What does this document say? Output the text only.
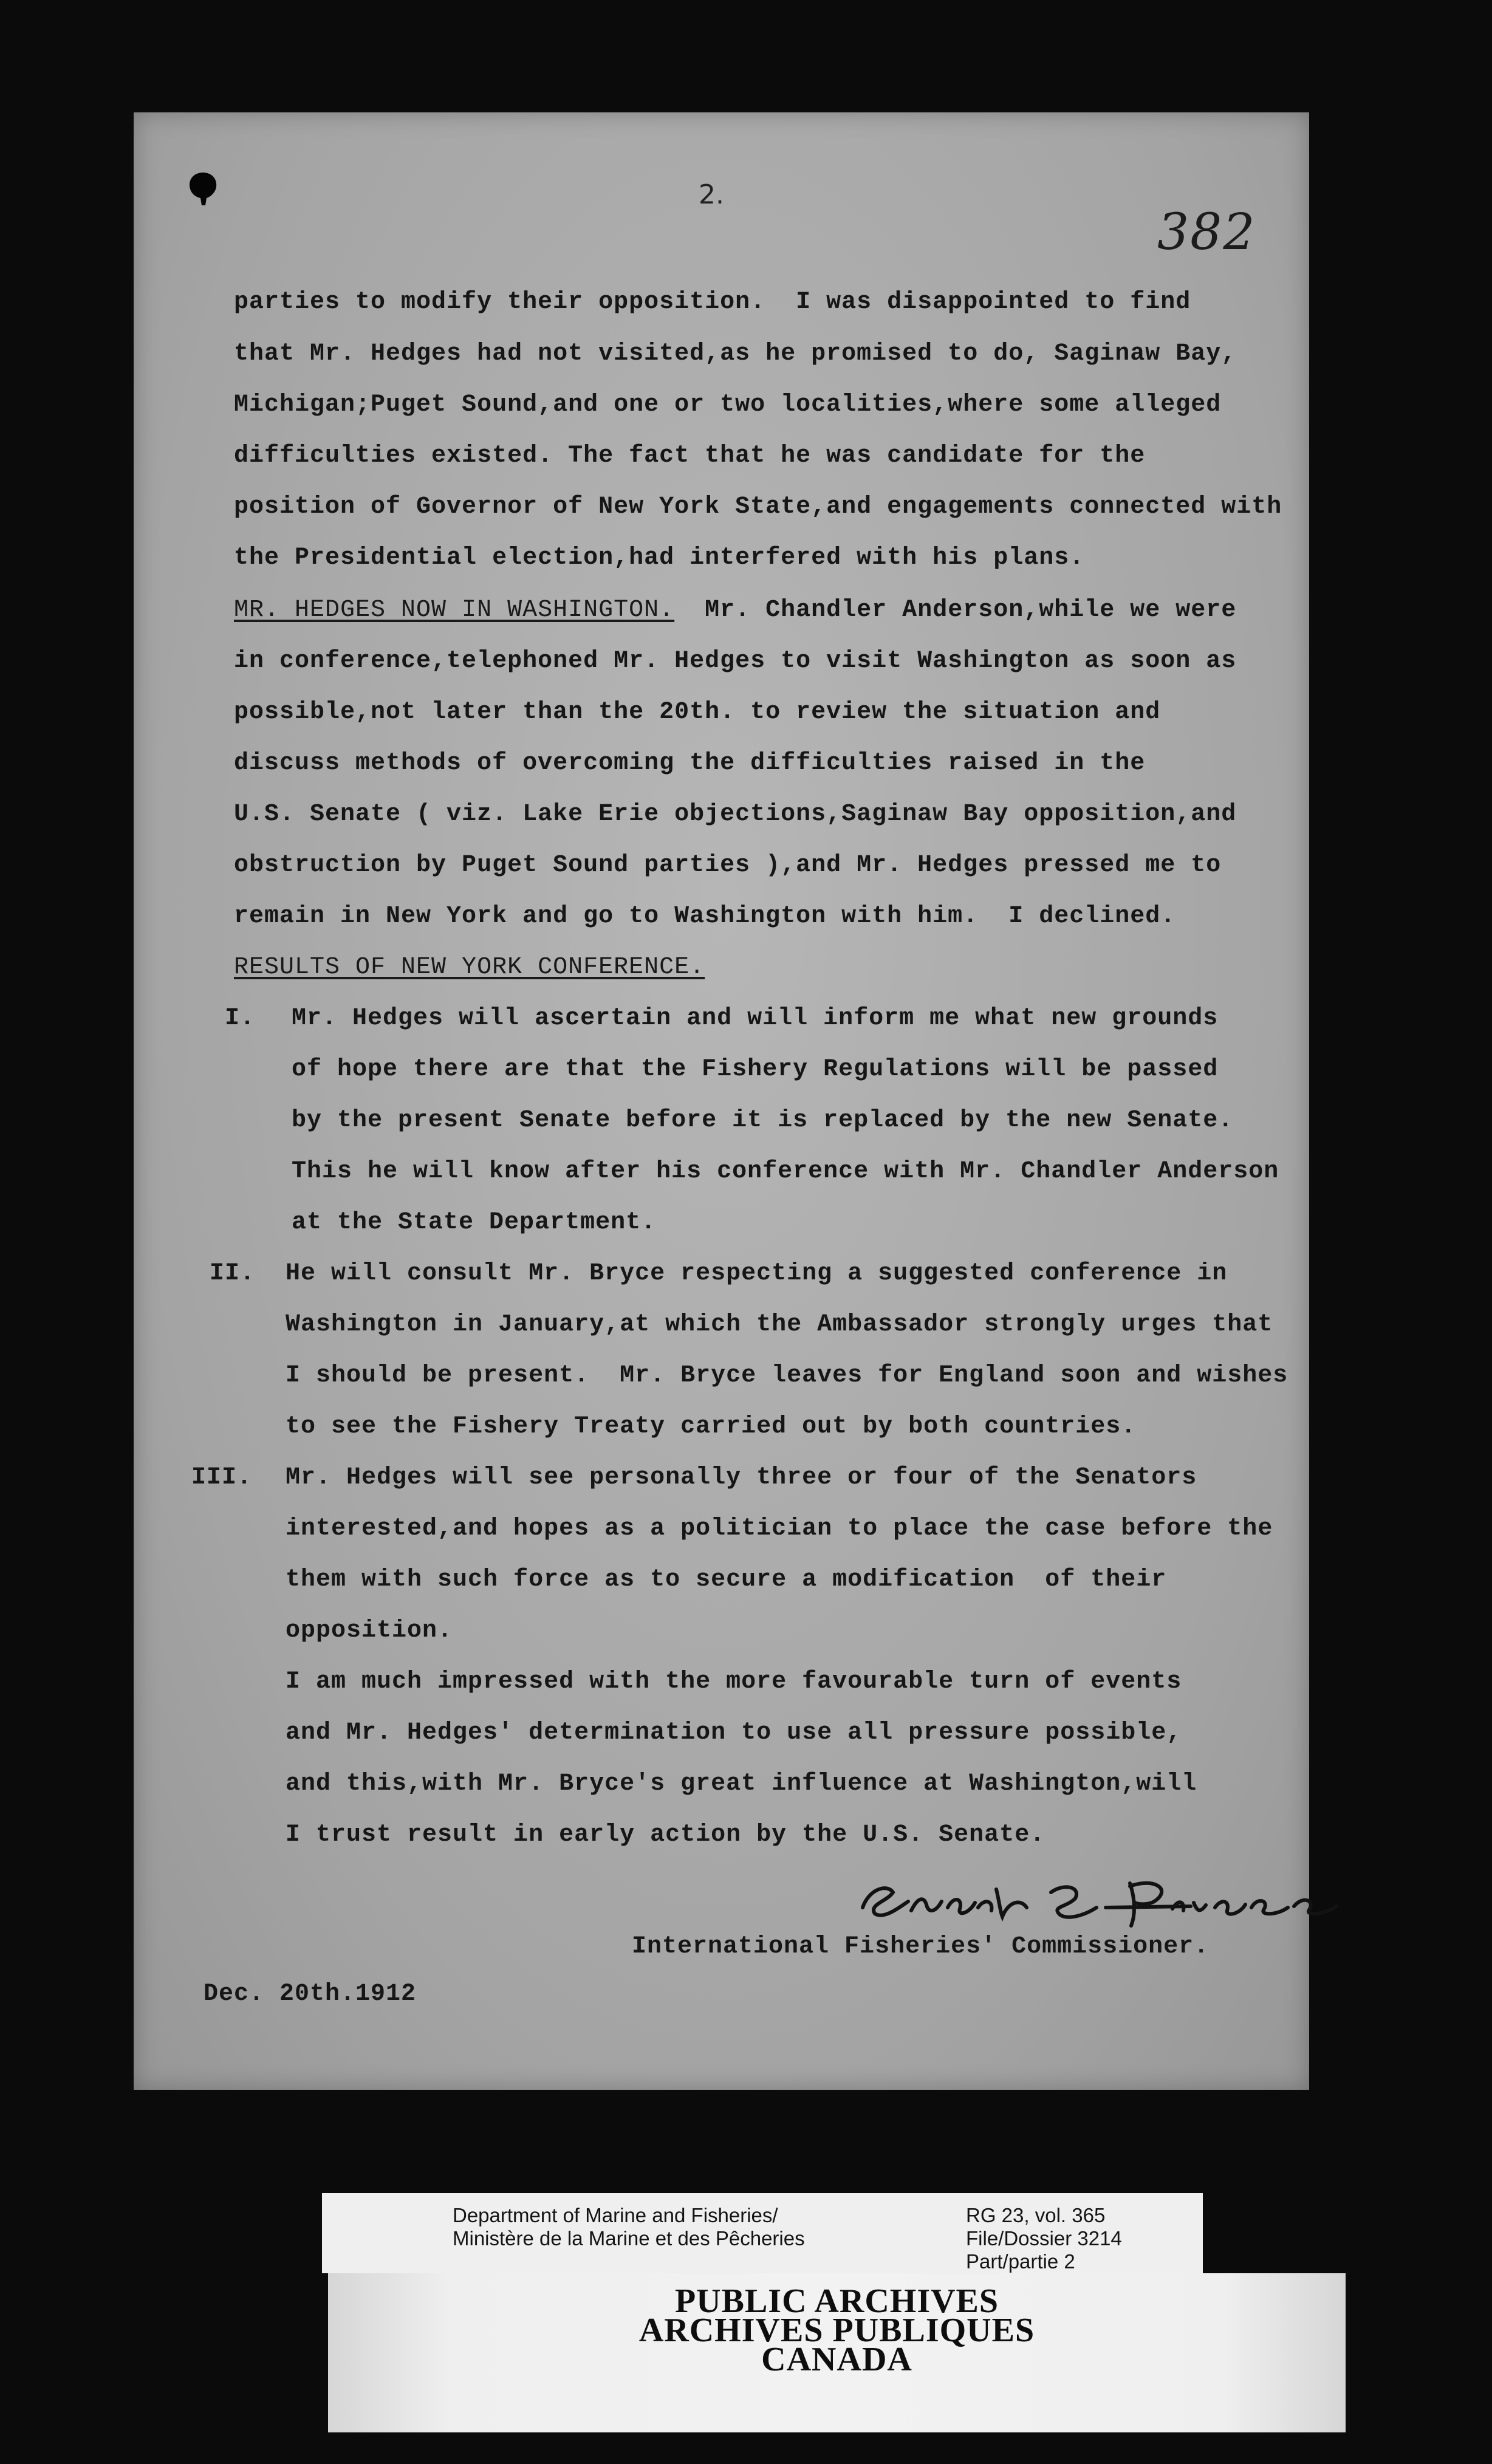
2.
382
parties to modify their opposition.  I was disappointed to find
that Mr. Hedges had not visited,as he promised to do, Saginaw Bay,
Michigan;Puget Sound,and one or two localities,where some alleged
difficulties existed. The fact that he was candidate for the
position of Governor of New York State,and engagements connected with
the Presidential election,had interfered with his plans.
MR. HEDGES NOW IN WASHINGTON.  Mr. Chandler Anderson,while we were
in conference,telephoned Mr. Hedges to visit Washington as soon as
possible,not later than the 20th. to review the situation and
discuss methods of overcoming the difficulties raised in the
U.S. Senate ( viz. Lake Erie objections,Saginaw Bay opposition,and
obstruction by Puget Sound parties ),and Mr. Hedges pressed me to
remain in New York and go to Washington with him.  I declined.
RESULTS OF NEW YORK CONFERENCE.
I. Mr. Hedges will ascertain and will inform me what new grounds
of hope there are that the Fishery Regulations will be passed
by the present Senate before it is replaced by the new Senate.
This he will know after his conference with Mr. Chandler Anderson
at the State Department.
II. He will consult Mr. Bryce respecting a suggested conference in
Washington in January,at which the Ambassador strongly urges that
I should be present.  Mr. Bryce leaves for England soon and wishes
to see the Fishery Treaty carried out by both countries.
III. Mr. Hedges will see personally three or four of the Senators
interested,and hopes as a politician to place the case before the
them with such force as to secure a modification  of their
opposition.
I am much impressed with the more favourable turn of events
and Mr. Hedges' determination to use all pressure possible,
and this,with Mr. Bryce's great influence at Washington,will
I trust result in early action by the U.S. Senate.
International Fisheries' Commissioner.
Dec. 20th.1912
Department of Marine and Fisheries/
Ministère de la Marine et des Pêcheries
RG 23, vol. 365
File/Dossier 3214
Part/partie 2
PUBLIC ARCHIVES
ARCHIVES PUBLIQUES
CANADA
